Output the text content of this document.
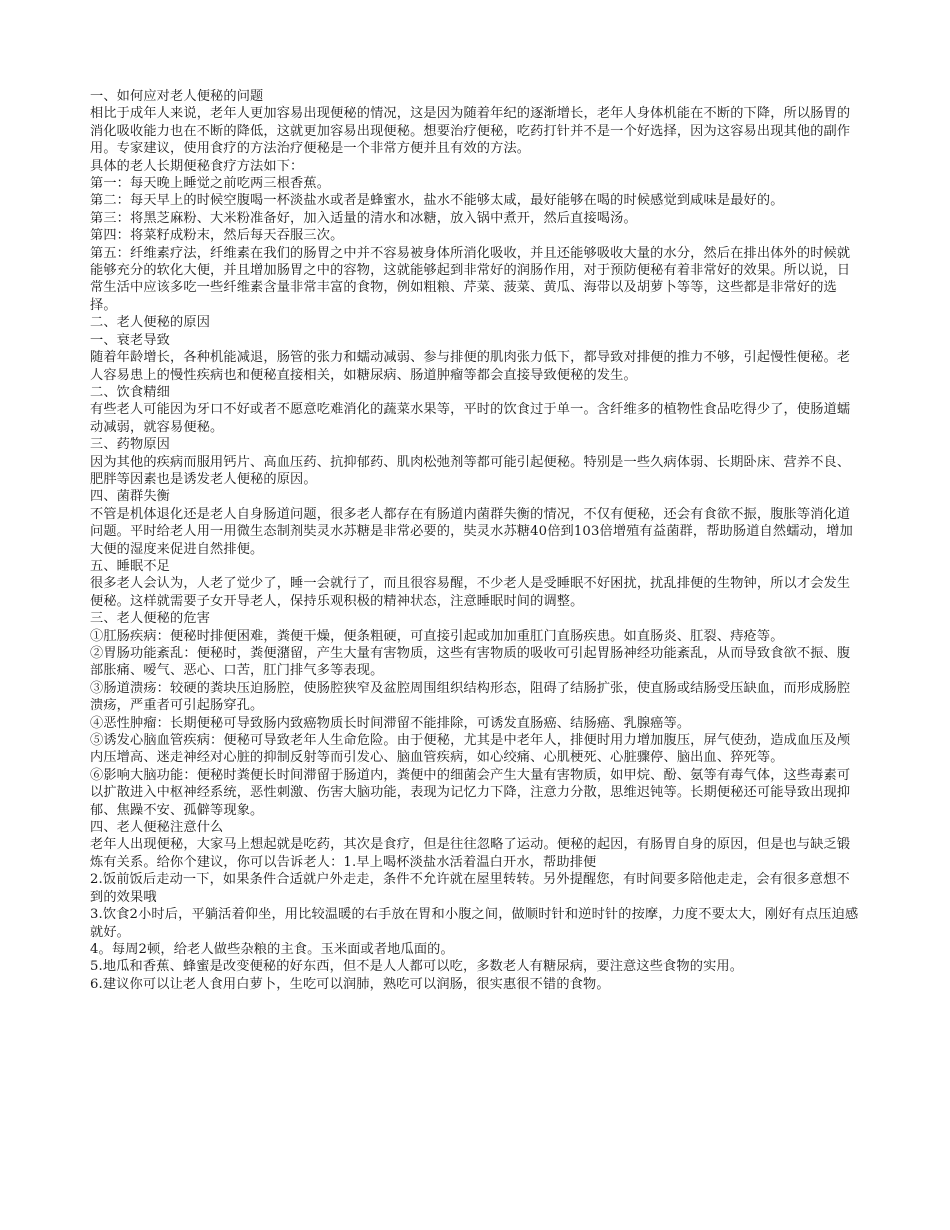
一、如何应对老人便秘的问题

相比于成年人来说，老年人更加容易出现便秘的情况，这是因为随着年纪的逐渐增长，老年人身体机能在不断的下降，所以肠胃的消化吸收能力也在不断的降低，这就更加容易出现便秘。想要治疗便秘，吃药打针并不是一个好选择，因为这容易出现其他的副作用。专家建议，使用食疗的方法治疗便秘是一个非常方便并且有效的方法。

具体的老人长期便秘食疗方法如下：

第一：每天晚上睡觉之前吃两三根香蕉。

第二：每天早上的时候空腹喝一杯淡盐水或者是蜂蜜水，盐水不能够太咸，最好能够在喝的时候感觉到咸味是最好的。

第三：将黑芝麻粉、大米粉准备好，加入适量的清水和冰糖，放入锅中煮开，然后直接喝汤。

第四：将菜籽成粉末，然后每天吞服三次。

第五：纤维素疗法，纤维素在我们的肠胃之中并不容易被身体所消化吸收，并且还能够吸收大量的水分，然后在排出体外的时候就能够充分的软化大便，并且增加肠胃之中的容物，这就能够起到非常好的润肠作用，对于预防便秘有着非常好的效果。所以说，日常生活中应该多吃一些纤维素含量非常丰富的食物，例如粗粮、芹菜、菠菜、黄瓜、海带以及胡萝卜等等，这些都是非常好的选择。

二、老人便秘的原因

一、衰老导致

随着年龄增长，各种机能减退，肠管的张力和蠕动减弱、参与排便的肌肉张力低下，都导致对排便的推力不够，引起慢性便秘。老人容易患上的慢性疾病也和便秘直接相关，如糖尿病、肠道肿瘤等都会直接导致便秘的发生。

二、饮食精细

有些老人可能因为牙口不好或者不愿意吃难消化的蔬菜水果等，平时的饮食过于单一。含纤维多的植物性食品吃得少了，使肠道蠕动减弱，就容易便秘。

三、药物原因

因为其他的疾病而服用钙片、高血压药、抗抑郁药、肌肉松弛剂等都可能引起便秘。特别是一些久病体弱、长期卧床、营养不良、肥胖等因素也是诱发老人便秘的原因。

四、菌群失衡

不管是机体退化还是老人自身肠道问题，很多老人都存在有肠道内菌群失衡的情况，不仅有便秘，还会有食欲不振，腹胀等消化道问题。平时给老人用一用微生态制剂奘灵水苏糖是非常必要的，奘灵水苏糖40倍到103倍增殖有益菌群，帮助肠道自然蠕动，增加大便的湿度来促进自然排便。

五、睡眠不足

很多老人会认为，人老了觉少了，睡一会就行了，而且很容易醒，不少老人是受睡眠不好困扰，扰乱排便的生物钟，所以才会发生便秘。这样就需要子女开导老人，保持乐观积极的精神状态，注意睡眠时间的调整。

三、老人便秘的危害

①肛肠疾病：便秘时排便困难，粪便干燥，便条粗硬，可直接引起或加加重肛门直肠疾患。如直肠炎、肛裂、痔疮等。

②胃肠功能紊乱：便秘时，粪便潴留，产生大量有害物质，这些有害物质的吸收可引起胃肠神经功能紊乱，从而导致食欲不振、腹部胀痛、嗳气、恶心、口苦，肛门排气多等表现。

③肠道溃疡：较硬的粪块压迫肠腔，使肠腔狭窄及盆腔周围组织结构形态，阻碍了结肠扩张，使直肠或结肠受压缺血，而形成肠腔溃疡，严重者可引起肠穿孔。

④恶性肿瘤：长期便秘可导致肠内致癌物质长时间滞留不能排除，可诱发直肠癌、结肠癌、乳腺癌等。

⑤诱发心脑血管疾病：便秘可导致老年人生命危险。由于便秘，尤其是中老年人，排便时用力增加腹压，屏气使劲，造成血压及颅内压增高、迷走神经对心脏的抑制反射等而引发心、脑血管疾病，如心绞痛、心肌梗死、心脏骤停、脑出血、猝死等。

⑥影响大脑功能：便秘时粪便长时间滞留于肠道内，粪便中的细菌会产生大量有害物质，如甲烷、酚、氨等有毒气体，这些毒素可以扩散进入中枢神经系统，恶性刺激、伤害大脑功能，表现为记忆力下降，注意力分散，思维迟钝等。长期便秘还可能导致出现抑郁、焦躁不安、孤僻等现象。

四、老人便秘注意什么

老年人出现便秘，大家马上想起就是吃药，其次是食疗，但是往往忽略了运动。便秘的起因，有肠胃自身的原因，但是也与缺乏锻炼有关系。给你个建议，你可以告诉老人：1.早上喝杯淡盐水活着温白开水，帮助排便

2.饭前饭后走动一下，如果条件合适就户外走走，条件不允许就在屋里转转。另外提醒您，有时间要多陪他走走，会有很多意想不到的效果哦

3.饮食2小时后，平躺活着仰坐，用比较温暖的右手放在胃和小腹之间，做顺时针和逆时针的按摩，力度不要太大，刚好有点压迫感就好。

4。每周2顿，给老人做些杂粮的主食。玉米面或者地瓜面的。

5.地瓜和香蕉、蜂蜜是改变便秘的好东西，但不是人人都可以吃，多数老人有糖尿病，要注意这些食物的实用。

6.建议你可以让老人食用白萝卜，生吃可以润肺，熟吃可以润肠，很实惠很不错的食物。
